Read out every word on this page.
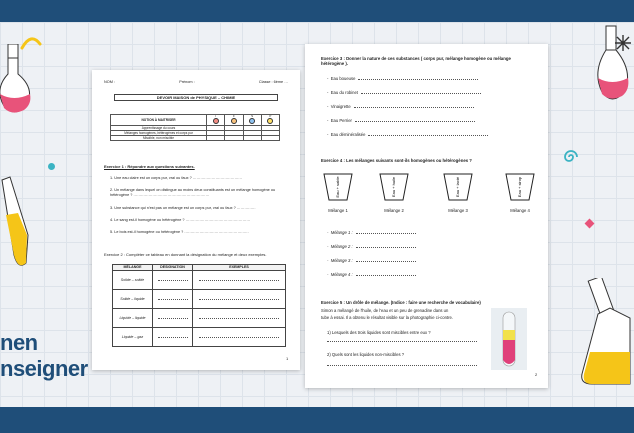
nen
nseigner
NOM :	Prénom :	Classe : 6ème …
DEVOIR MAISON de PHYSIQUE – CHIMIE
NOTION À MAITRISER	I	F	S	P

Apprentissage du cours				
Mélanges homogènes, hétérogènes et corps pur				
Miscible, non miscible				
Exercice 1 : Répondre aux questions suivantes.
1. Une eau claire est un corps pur, vrai ou faux ? …………………………………
2. Un mélange dans lequel on distingue au moins deux constituants est un mélange homogène ou hétérogène ? ……………………………………………………
3. Une substance qui n'est pas un mélange est un corps pur, vrai ou faux ? ……………
4. Le sang est-il homogène ou hétérogène ? ……………………………………………
5. Le bois est-il homogène ou hétérogène ? ……………………………………………
Exercice 2 : Compléter ce tableau en donnant la désignation du mélange et deux exemples.
MÉLANGE	DESIGNATION	EXEMPLES
Solide – solide		
Solide – liquide		
Liquide – liquide		
Liquide – gaz		
1
Exercice 3 : Donner la nature de ces substances ( corps pur, mélange homogène ou mélange hétérogène ).
-  Eau boueuse
-  Eau du robinet
-  Vinaigrette
-  Eau Perrier
-  Eau déminéralisée
Exercice 4 : Les mélanges suivants sont-ils homogènes ou hétérogènes ?
Eau + sable	Eau + huile	Eau + lacté	Eau + sirop
Mélange 1	Mélange 2	Mélange 3	Mélange 4
-  Mélange 1 :
-  Mélange 2 :
-  Mélange 3 :
-  Mélange 4 :
Exercice 5 : Un drôle de mélange. (Indice : faire une recherche de vocabulaire)
Simon a mélangé de l'huile, de l'eau et un peu de grenadine dans un
tube à essai. Il a obtenu le résultat visible sur la photographie ci-contre.
1) Lesquels des trois liquides sont miscibles entre eux ?
2) Quels sont les liquides non-miscibles ?
2
